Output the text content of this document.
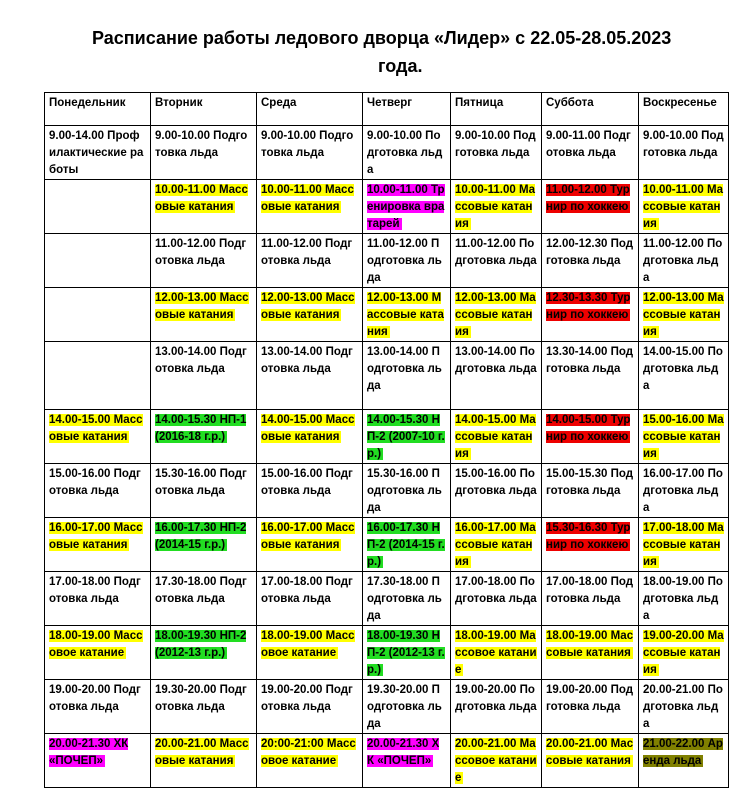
Расписание работы ледового дворца «Лидер» с 22.05-28.05.2023
года.
Понедельник	Вторник	Среда	Четверг	Пятница	Суббота	Воскресенье
9.00-14.00 Профилактические работы	9.00-10.00 Подготовка льда	9.00-10.00 Подготовка льда	9.00-10.00 Подготовка льда	9.00-10.00 Подготовка льда	9.00-11.00 Подготовка льда	9.00-10.00 Подготовка льда
	10.00-11.00 Массовые катания	10.00-11.00 Массовые катания	10.00-11.00 Тренировка вратарей	10.00-11.00 Массовые катания	11.00-12.00 Турнир по хоккею	10.00-11.00 Массовые катания
	11.00-12.00 Подготовка льда	11.00-12.00 Подготовка льда	11.00-12.00 Подготовка льда	11.00-12.00 Подготовка льда	12.00-12.30 Подготовка льда	11.00-12.00 Подготовка льда
	12.00-13.00 Массовые катания	12.00-13.00 Массовые катания	12.00-13.00 Массовые катания	12.00-13.00 Массовые катания	12.30-13.30 Турнир по хоккею	12.00-13.00 Массовые катания
	13.00-14.00 Подготовка льда	13.00-14.00 Подготовка льда	13.00-14.00 Подготовка льда	13.00-14.00 Подготовка льда	13.30-14.00 Подготовка льда	14.00-15.00 Подготовка льда
14.00-15.00 Массовые катания	14.00-15.30 НП-1 (2016-18 г.р.)	14.00-15.00 Массовые катания	14.00-15.30 НП-2 (2007-10 г.р.)	14.00-15.00 Массовые катания	14.00-15.00 Турнир по хоккею	15.00-16.00 Массовые катания
15.00-16.00 Подготовка льда	15.30-16.00 Подготовка льда	15.00-16.00 Подготовка льда	15.30-16.00 Подготовка льда	15.00-16.00 Подготовка льда	15.00-15.30 Подготовка льда	16.00-17.00 Подготовка льда
16.00-17.00 Массовые катания	16.00-17.30 НП-2 (2014-15 г.р.)	16.00-17.00 Массовые катания	16.00-17.30 НП-2 (2014-15 г.р.)	16.00-17.00 Массовые катания	15.30-16.30 Турнир по хоккею	17.00-18.00 Массовые катания
17.00-18.00 Подготовка льда	17.30-18.00 Подготовка льда	17.00-18.00 Подготовка льда	17.30-18.00 Подготовка льда	17.00-18.00 Подготовка льда	17.00-18.00 Подготовка льда	18.00-19.00 Подготовка льда
18.00-19.00 Массовое катание	18.00-19.30 НП-2 (2012-13 г.р.)	18.00-19.00 Массовое катание	18.00-19.30 НП-2 (2012-13 г.р.)	18.00-19.00 Массовое катание	18.00-19.00 Массовые катания	19.00-20.00 Массовые катания
19.00-20.00 Подготовка льда	19.30-20.00 Подготовка льда	19.00-20.00 Подготовка льда	19.30-20.00 Подготовка льда	19.00-20.00 Подготовка льда	19.00-20.00 Подготовка льда	20.00-21.00 Подготовка льда
20.00-21.30 ХК «ПОЧЕП»	20.00-21.00 Массовые катания	20:00-21:00 Массовое катание	20.00-21.30 ХК «ПОЧЕП»	20.00-21.00 Массовое катание	20.00-21.00 Массовые катания	21.00-22.00 Аренда льда
